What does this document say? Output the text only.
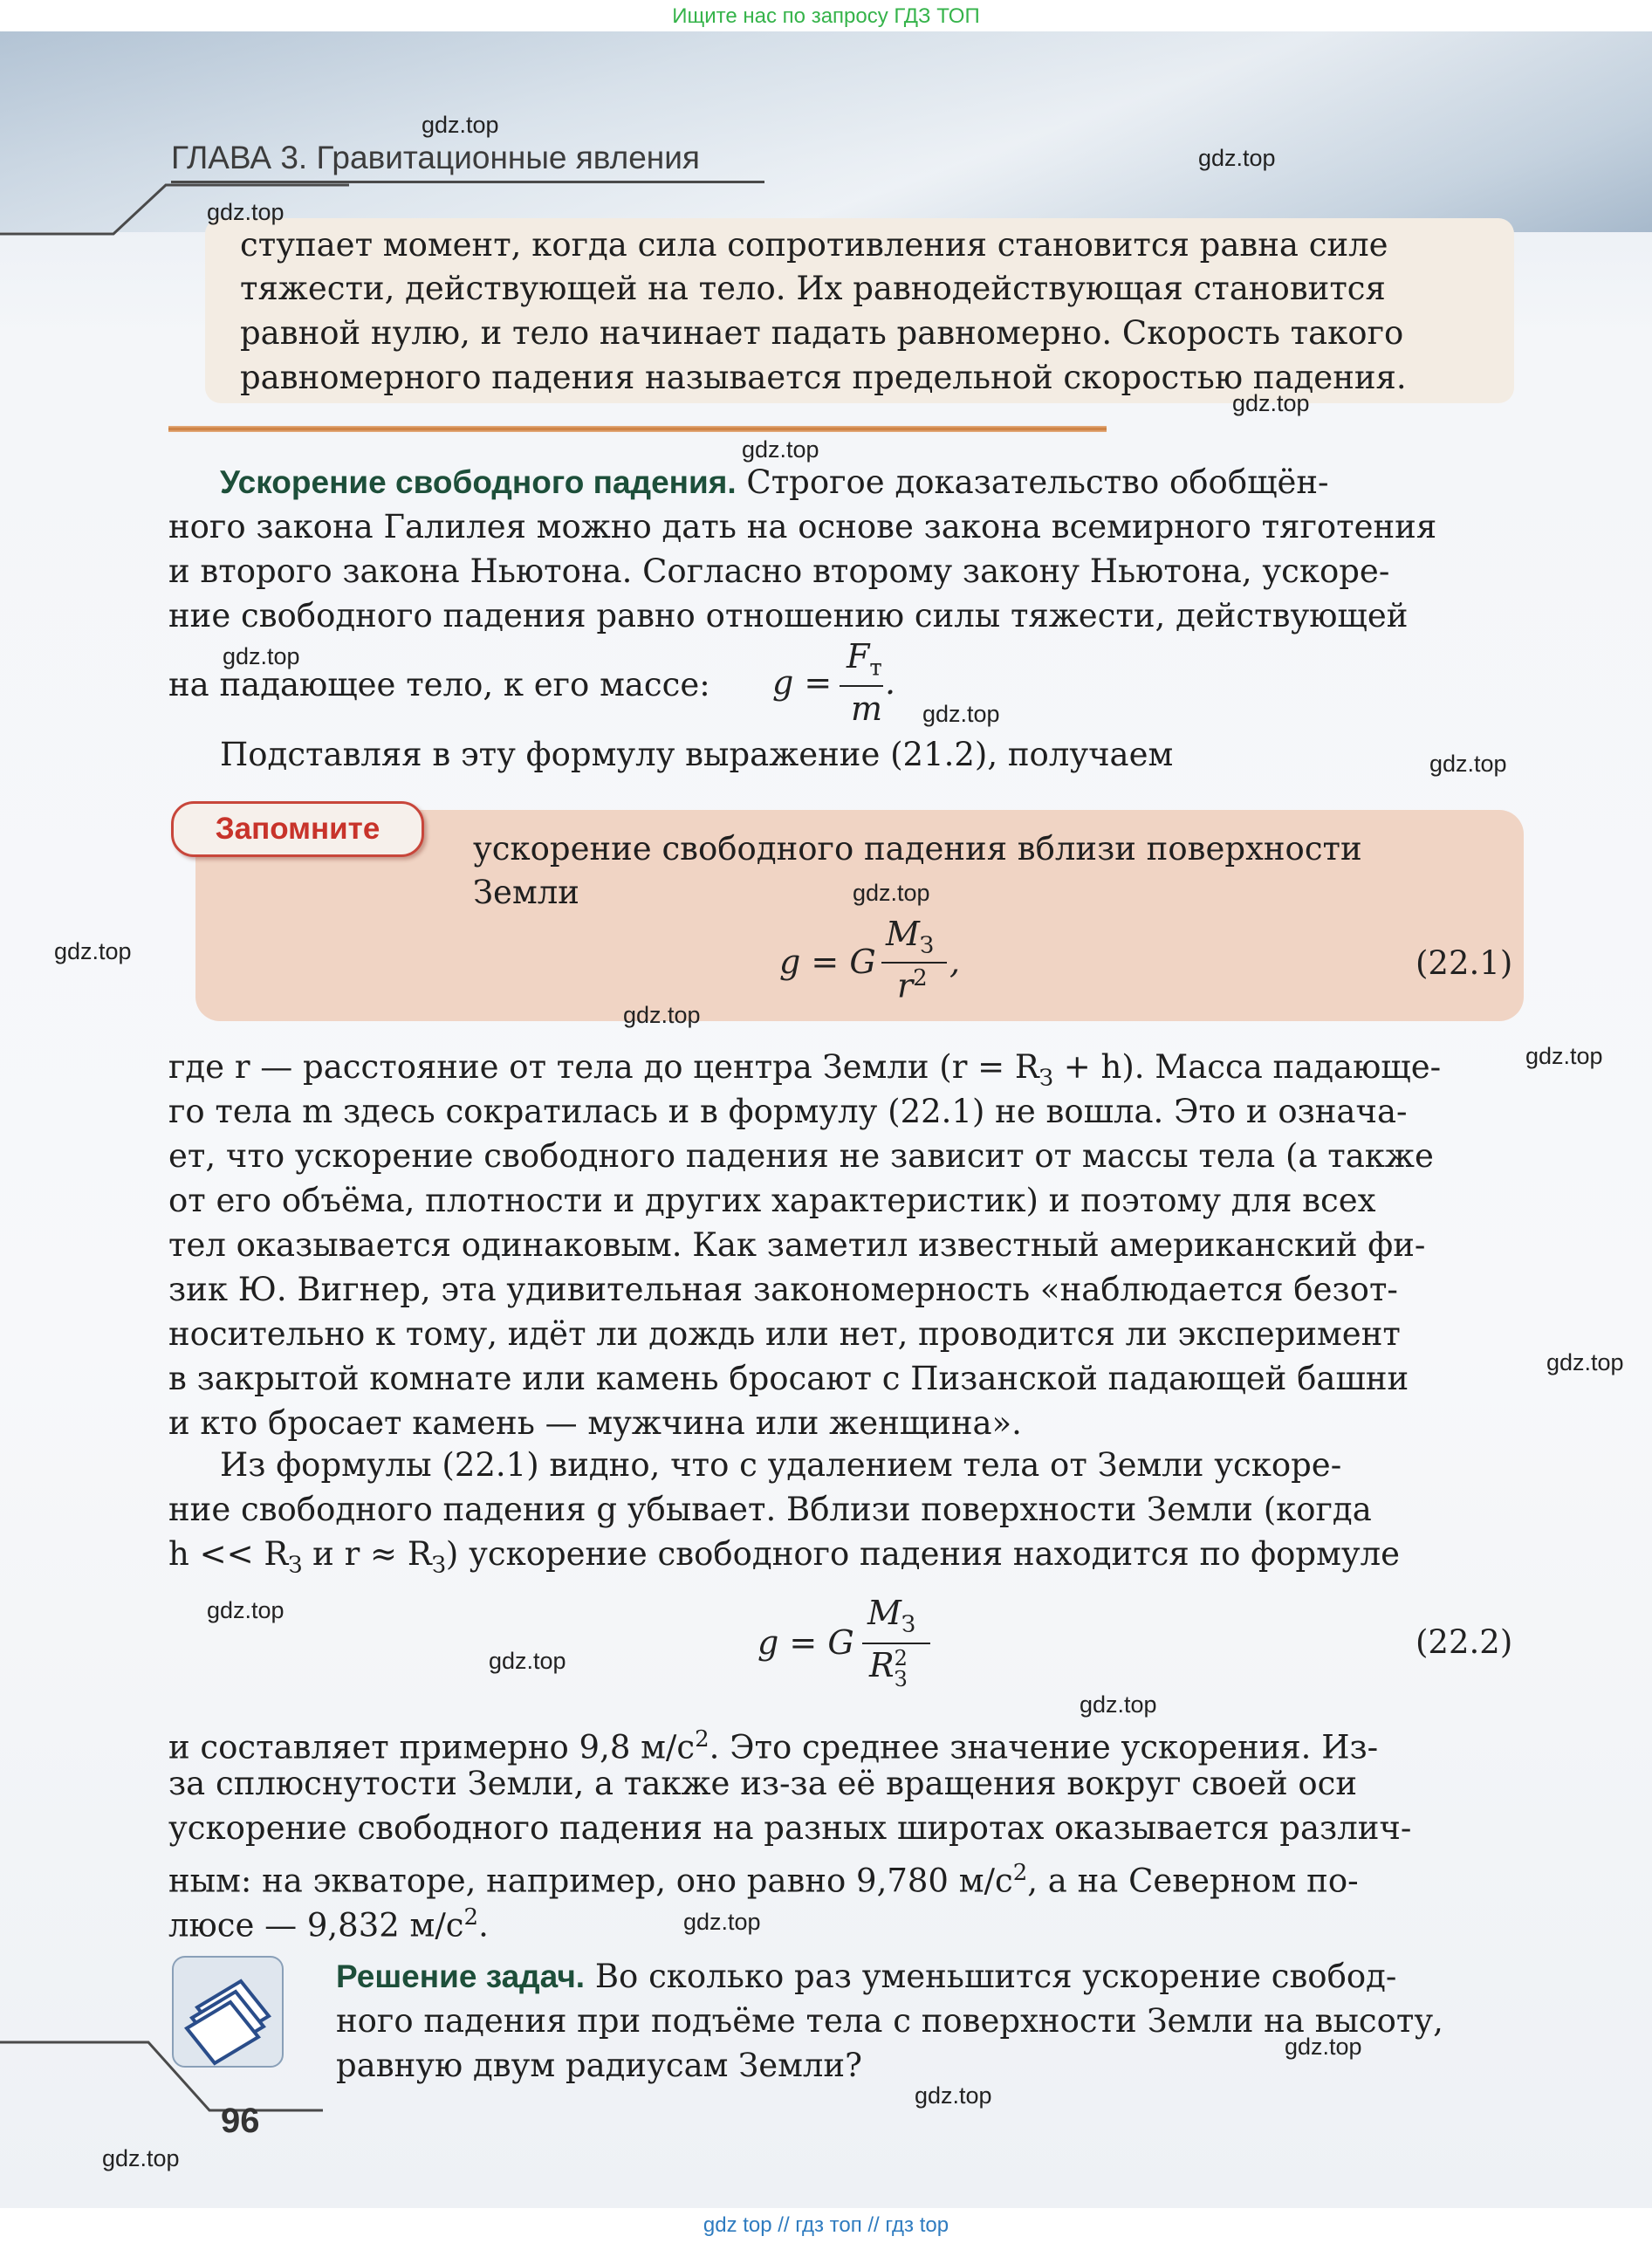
Ищите нас по запросу ГДЗ ТОП
ГЛАВА 3. Гравитационные явления
ступает момент, когда сила сопротивления становится равна силе
тяжести, действующей на тело. Их равнодействующая становится
равной нулю, и тело начинает падать равномерно. Скорость такого
равномерного падения называется предельной скоростью падения.
Ускорение свободного падения. Строгое доказательство обобщён-
ного закона Галилея можно дать на основе закона всемирного тяготения
и второго закона Ньютона. Согласно второму закону Ньютона, ускоре-
ние свободного падения равно отношению силы тяжести, действующей
на падающее тело, к его массе: g =
$F_т$
m
.
Подставляя в эту формулу выражение (21.2), получаем
Запомните
ускорение свободного падения вблизи поверхности
Земли
g = G
$M_З$
$r^2$ ,	(22.1)
где r — расстояние от тела до центра Земли $(r = R_З + h)$. Масса падающе-
го тела m здесь сократилась и в формулу (22.1) не вошла. Это и означа-
ет, что ускорение свободного падения не зависит от массы тела (а также
от его объёма, плотности и других характеристик) и поэтому для всех
тел оказывается одинаковым. Как заметил известный американский фи-
зик Ю. Вигнер, эта удивительная закономерность «наблюдается безот-
носительно к тому, идёт ли дождь или нет, проводится ли эксперимент
в закрытой комнате или камень бросают с Пизанской падающей башни
и кто бросает камень — мужчина или женщина».
Из формулы (22.1) видно, что с удалением тела от Земли ускоре-
ние свободного падения g убывает. Вблизи поверхности Земли (когда
$h << R_З$ и $r \approx R_З$) ускорение свободного падения находится по формуле
g = G
$M_З$
R 2
З
(22.2)
и составляет примерно 9,8 $м/с^2$. Это среднее значение ускорения. Из-
за сплюснутости Земли, а также из-за её вращения вокруг своей оси
ускорение свободного падения на разных широтах оказывается различ-
ным: на экваторе, например, оно равно 9,780 $м/с^2$, а на Северном по-
люсе — 9,832 $м/с^2$.
Решение задач. Во сколько раз уменьшится ускорение свобод-
ного падения при подъёме тела с поверхности Земли на высоту,
равную двум радиусам Земли?
96
gdz.top
gdz.top
gdz.top
gdz.top
gdz.top
gdz.top
gdz.top
gdz.top
gdz.top
gdz.top
gdz.top
gdz.top
gdz.top
gdz.top
gdz.top
gdz.top
gdz.top
gdz.top
gdz.top
gdz.top
gdz top // гдз топ // гдз top
